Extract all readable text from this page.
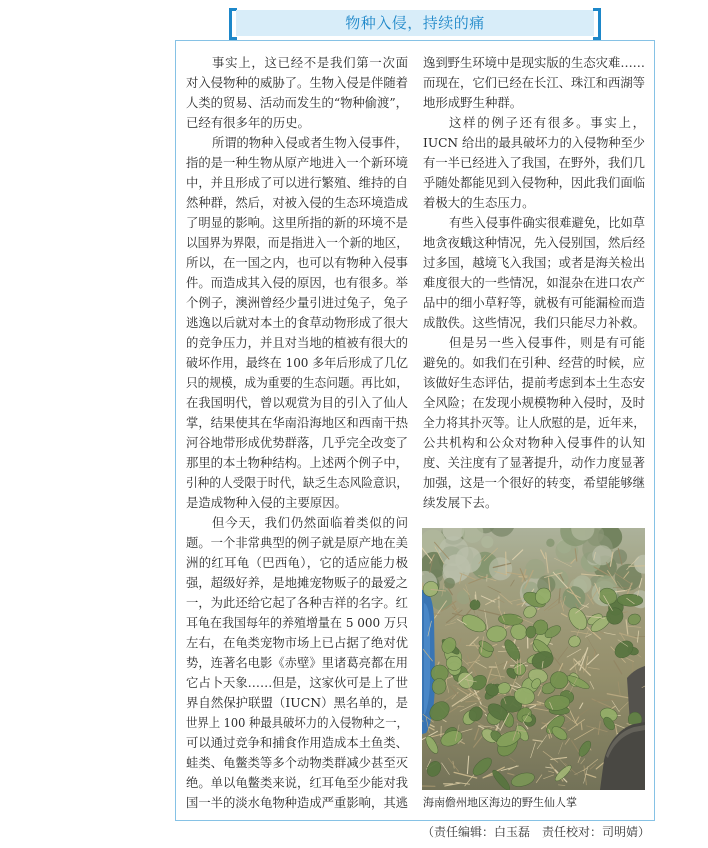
物种入侵，持续的痛
事实上，这已经不是我们第一次面
对入侵物种的威胁了。生物入侵是伴随着
人类的贸易、活动而发生的“物种偷渡”，
已经有很多年的历史。
所谓的物种入侵或者生物入侵事件，
指的是一种生物从原产地进入一个新环境
中，并且形成了可以进行繁殖、维持的自
然种群，然后，对被入侵的生态环境造成
了明显的影响。这里所指的新的环境不是
以国界为界限，而是指进入一个新的地区，
所以，在一国之内，也可以有物种入侵事
件。而造成其入侵的原因，也有很多。举
个例子，澳洲曾经少量引进过兔子，兔子
逃逸以后就对本土的食草动物形成了很大
的竞争压力，并且对当地的植被有很大的
破坏作用，最终在 100 多年后形成了几亿
只的规模，成为重要的生态问题。再比如，
在我国明代，曾以观赏为目的引入了仙人
掌，结果使其在华南沿海地区和西南干热
河谷地带形成优势群落，几乎完全改变了
那里的本土物种结构。上述两个例子中，
引种的人受限于时代，缺乏生态风险意识，
是造成物种入侵的主要原因。
但今天，我们仍然面临着类似的问
题。一个非常典型的例子就是原产地在美
洲的红耳龟（巴西龟），它的适应能力极
强，超级好养，是地摊宠物贩子的最爱之
一，为此还给它起了各种吉祥的名字。红
耳龟在我国每年的养殖增量在 5 000 万只
左右，在龟类宠物市场上已占据了绝对优
势，连著名电影《赤壁》里诸葛亮都在用
它占卜天象……但是，这家伙可是上了世
界自然保护联盟（IUCN）黑名单的，是
世界上 100 种最具破坏力的入侵物种之一，
可以通过竞争和捕食作用造成本土鱼类、
蛙类、龟鳖类等多个动物类群减少甚至灭
绝。单以龟鳖类来说，红耳龟至少能对我
国一半的淡水龟物种造成严重影响，其逃
逸到野生环境中是现实版的生态灾难……
而现在，它们已经在长江、珠江和西湖等
地形成野生种群。
这样的例子还有很多。事实上，
IUCN 给出的最具破坏力的入侵物种至少
有一半已经进入了我国，在野外，我们几
乎随处都能见到入侵物种，因此我们面临
着极大的生态压力。
有些入侵事件确实很难避免，比如草
地贪夜蛾这种情况，先入侵别国，然后经
过多国，越境飞入我国；或者是海关检出
难度很大的一些情况，如混杂在进口农产
品中的细小草籽等，就极有可能漏检而造
成散佚。这些情况，我们只能尽力补救。
但是另一些入侵事件，则是有可能
避免的。如我们在引种、经营的时候，应
该做好生态评估，提前考虑到本土生态安
全风险；在发现小规模物种入侵时，及时
全力将其扑灭等。让人欣慰的是，近年来，
公共机构和公众对物种入侵事件的认知
度、关注度有了显著提升，动作力度显著
加强，这是一个很好的转变，希望能够继
续发展下去。
海南儋州地区海边的野生仙人掌
（责任编辑：白玉磊　责任校对：司明婧）
